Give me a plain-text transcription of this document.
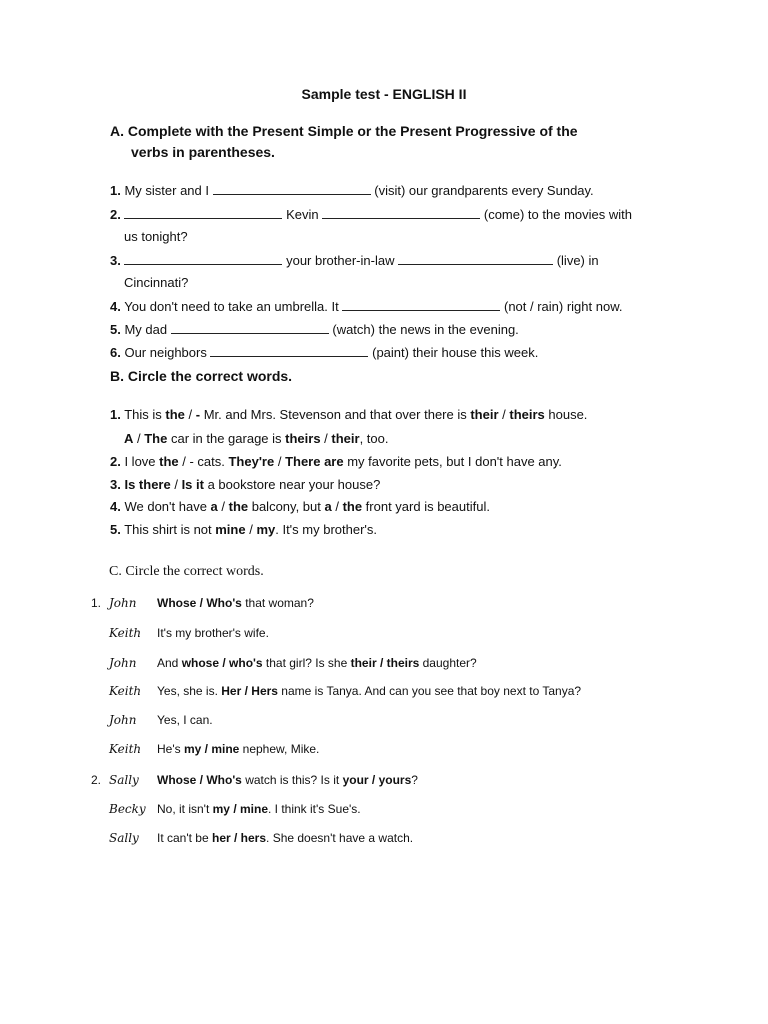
Sample test - ENGLISH II
A. Complete with the Present Simple or the Present Progressive of the
verbs in parentheses.
1. My sister and I	(visit) our grandparents every Sunday.
2.	Kevin	(come) to the movies with
us tonight?
3.	your brother-in-law	(live) in
Cincinnati?
4. You don't need to take an umbrella. It	(not / rain) right now.
5. My dad	(watch) the news in the evening.
6. Our neighbors	(paint) their house this week.
B. Circle the correct words.
1. This is the / - Mr. and Mrs. Stevenson and that over there is their / theirs house.
A / The car in the garage is theirs / their, too.
2. I love the / - cats. They're / There are my favorite pets, but I don't have any.
3. Is there / Is it a bookstore near your house?
4. We don't have a / the balcony, but a / the front yard is beautiful.
5. This shirt is not mine / my. It's my brother's.
C. Circle the correct words.
1. John Whose / Who's that woman?
Keith It's my brother's wife.
John And whose / who's that girl? Is she their / theirs daughter?
Keith Yes, she is. Her / Hers name is Tanya. And can you see that boy next to Tanya?
John Yes, I can.
Keith He's my / mine nephew, Mike.
2. Sally Whose / Who's watch is this? Is it your / yours?
Becky No, it isn't my / mine. I think it's Sue's.
Sally It can't be her / hers. She doesn't have a watch.
